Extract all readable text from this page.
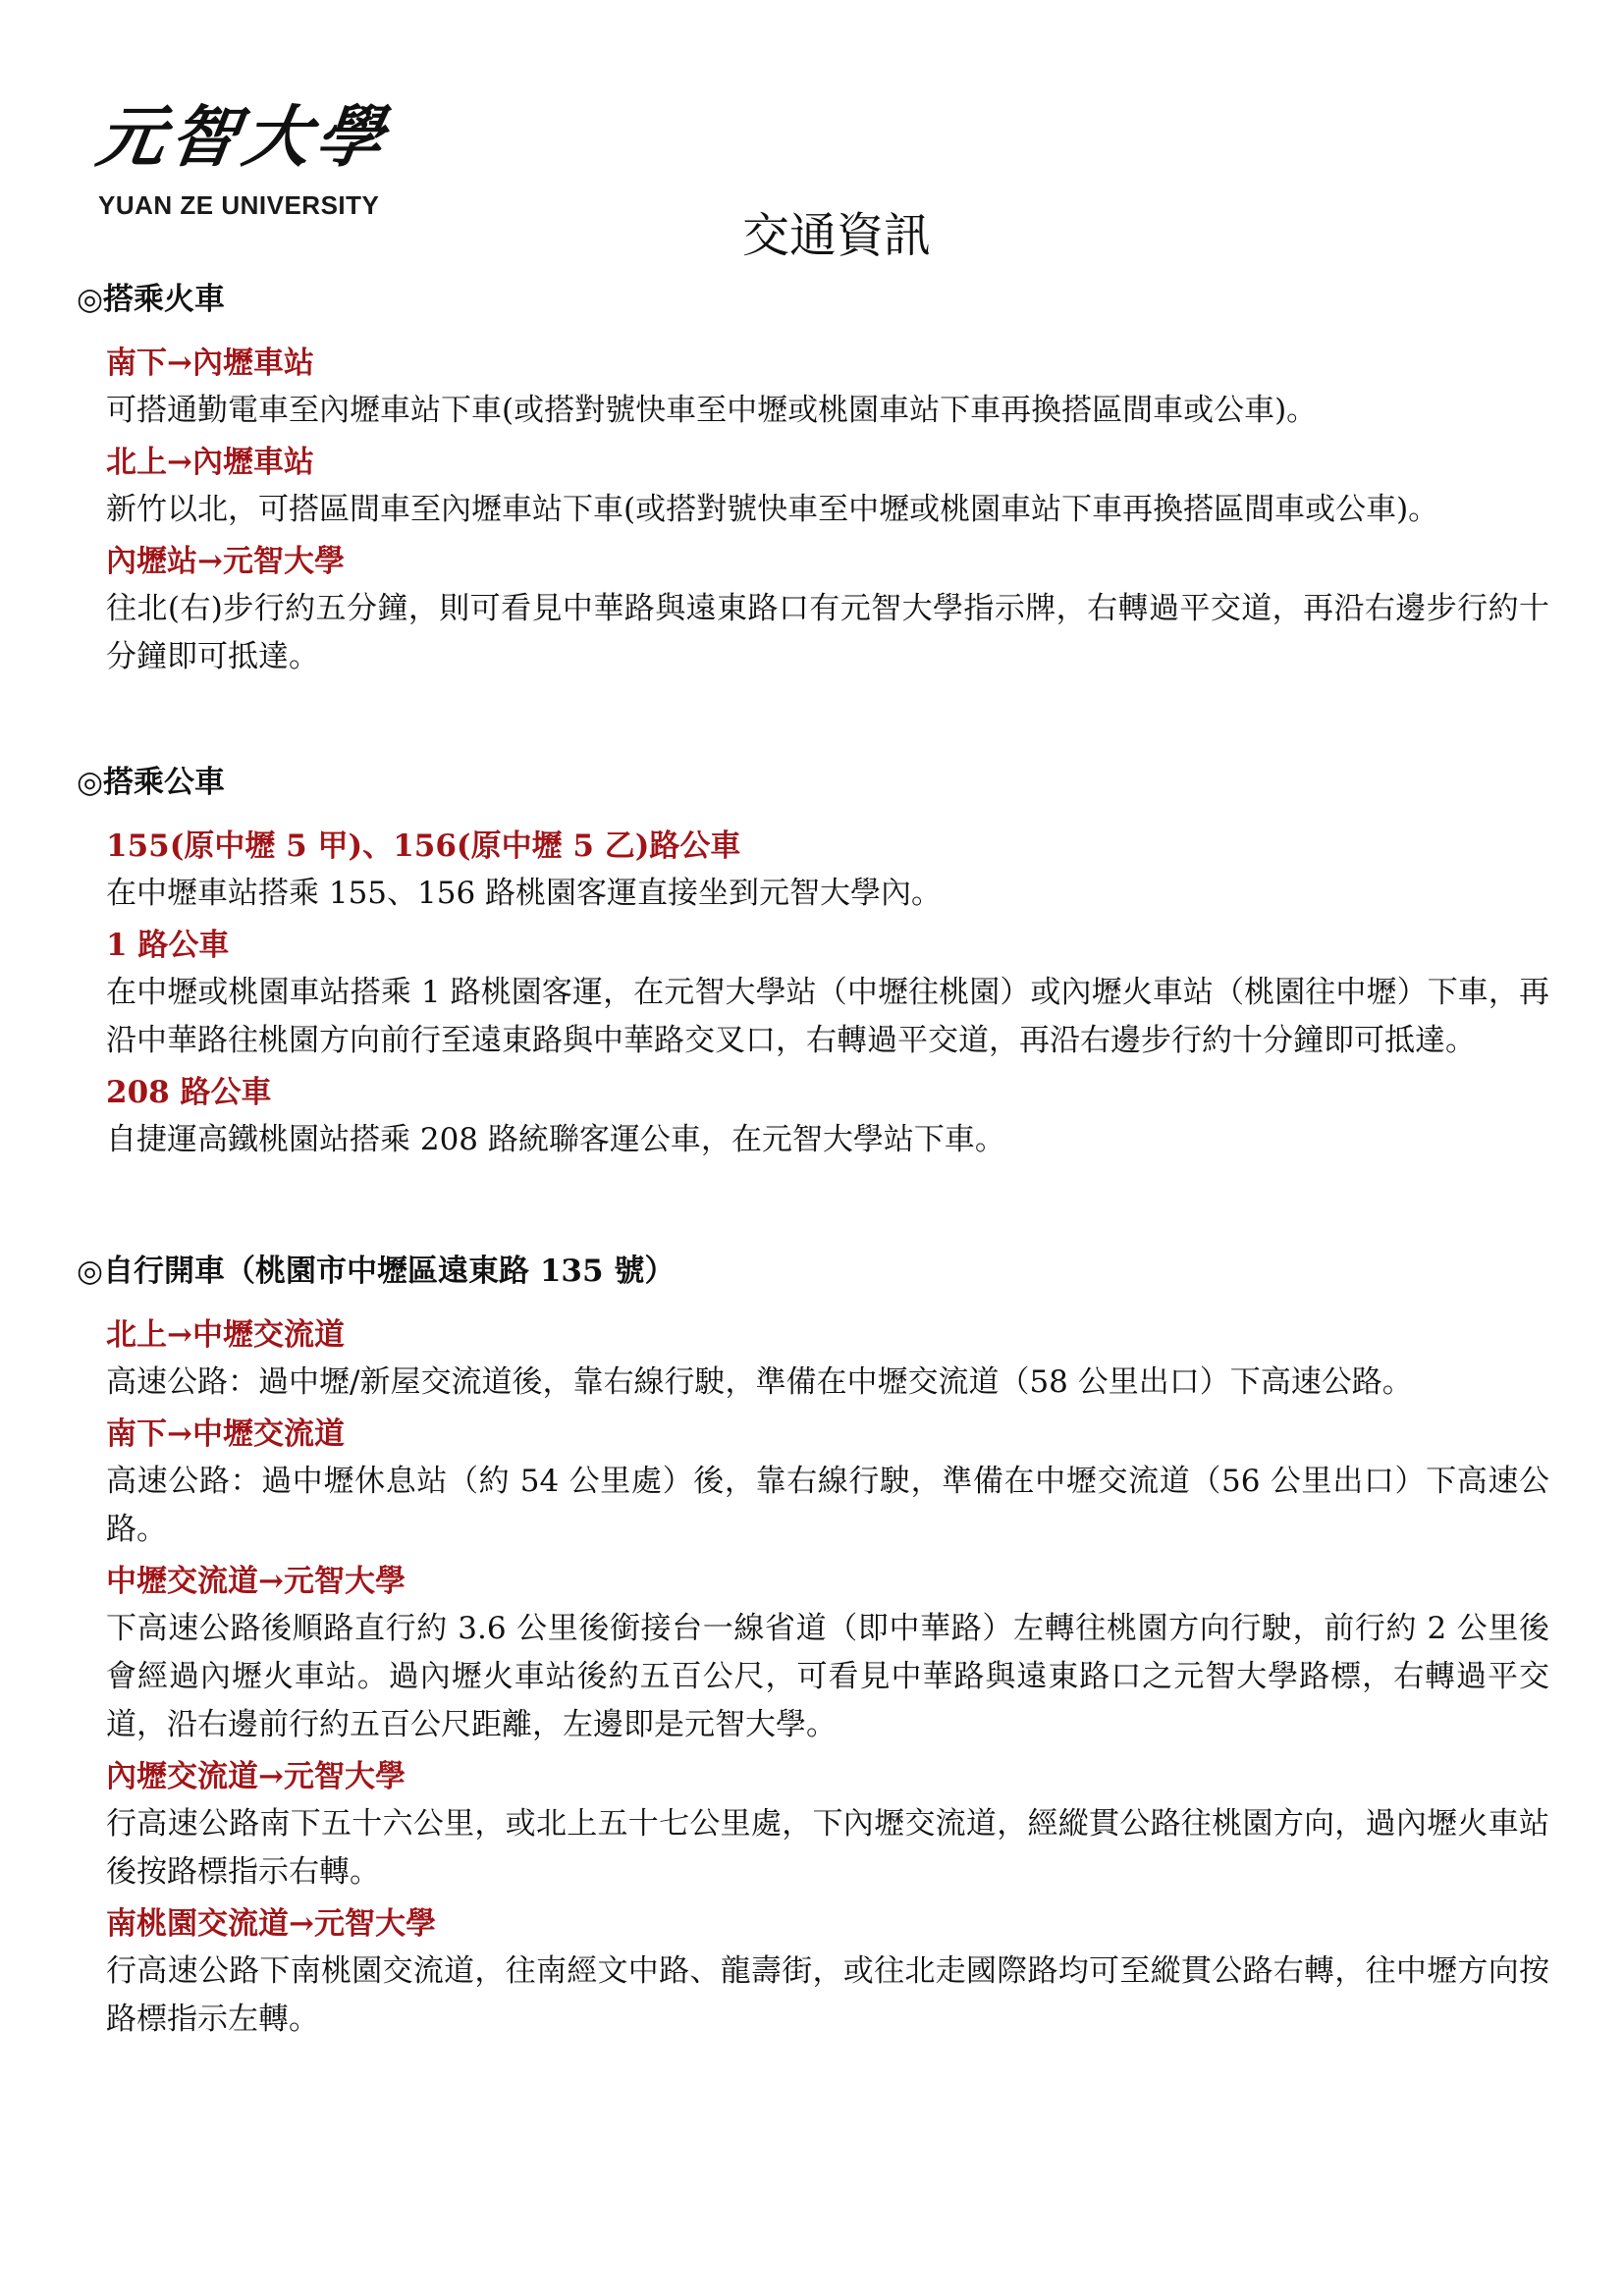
元智大學
YUAN ZE UNIVERSITY
交通資訊
◎搭乘火車
南下→內壢車站
可搭通勤電車至內壢車站下車(或搭對號快車至中壢或桃園車站下車再換搭區間車或公車)。
北上→內壢車站
新竹以北，可搭區間車至內壢車站下車(或搭對號快車至中壢或桃園車站下車再換搭區間車或公車)。
內壢站→元智大學
往北(右)步行約五分鐘，則可看見中華路與遠東路口有元智大學指示牌，右轉過平交道，再沿右邊步行約十分鐘即可抵達。
◎搭乘公車
155(原中壢 5 甲)、156(原中壢 5 乙)路公車
在中壢車站搭乘 155、156 路桃園客運直接坐到元智大學內。
1 路公車
在中壢或桃園車站搭乘 1 路桃園客運，在元智大學站（中壢往桃園）或內壢火車站（桃園往中壢）下車，再沿中華路往桃園方向前行至遠東路與中華路交叉口，右轉過平交道，再沿右邊步行約十分鐘即可抵達。
208 路公車
自捷運高鐵桃園站搭乘 208 路統聯客運公車，在元智大學站下車。
◎自行開車（桃園市中壢區遠東路 135 號）
北上→中壢交流道
高速公路：過中壢/新屋交流道後，靠右線行駛，準備在中壢交流道（58 公里出口）下高速公路。
南下→中壢交流道
高速公路：過中壢休息站（約 54 公里處）後，靠右線行駛，準備在中壢交流道（56 公里出口）下高速公路。
中壢交流道→元智大學
下高速公路後順路直行約 3.6 公里後銜接台一線省道（即中華路）左轉往桃園方向行駛，前行約 2 公里後會經過內壢火車站。過內壢火車站後約五百公尺，可看見中華路與遠東路口之元智大學路標，右轉過平交道，沿右邊前行約五百公尺距離，左邊即是元智大學。
內壢交流道→元智大學
行高速公路南下五十六公里，或北上五十七公里處，下內壢交流道，經縱貫公路往桃園方向，過內壢火車站後按路標指示右轉。
南桃園交流道→元智大學
行高速公路下南桃園交流道，往南經文中路、龍壽街，或往北走國際路均可至縱貫公路右轉，往中壢方向按路標指示左轉。
